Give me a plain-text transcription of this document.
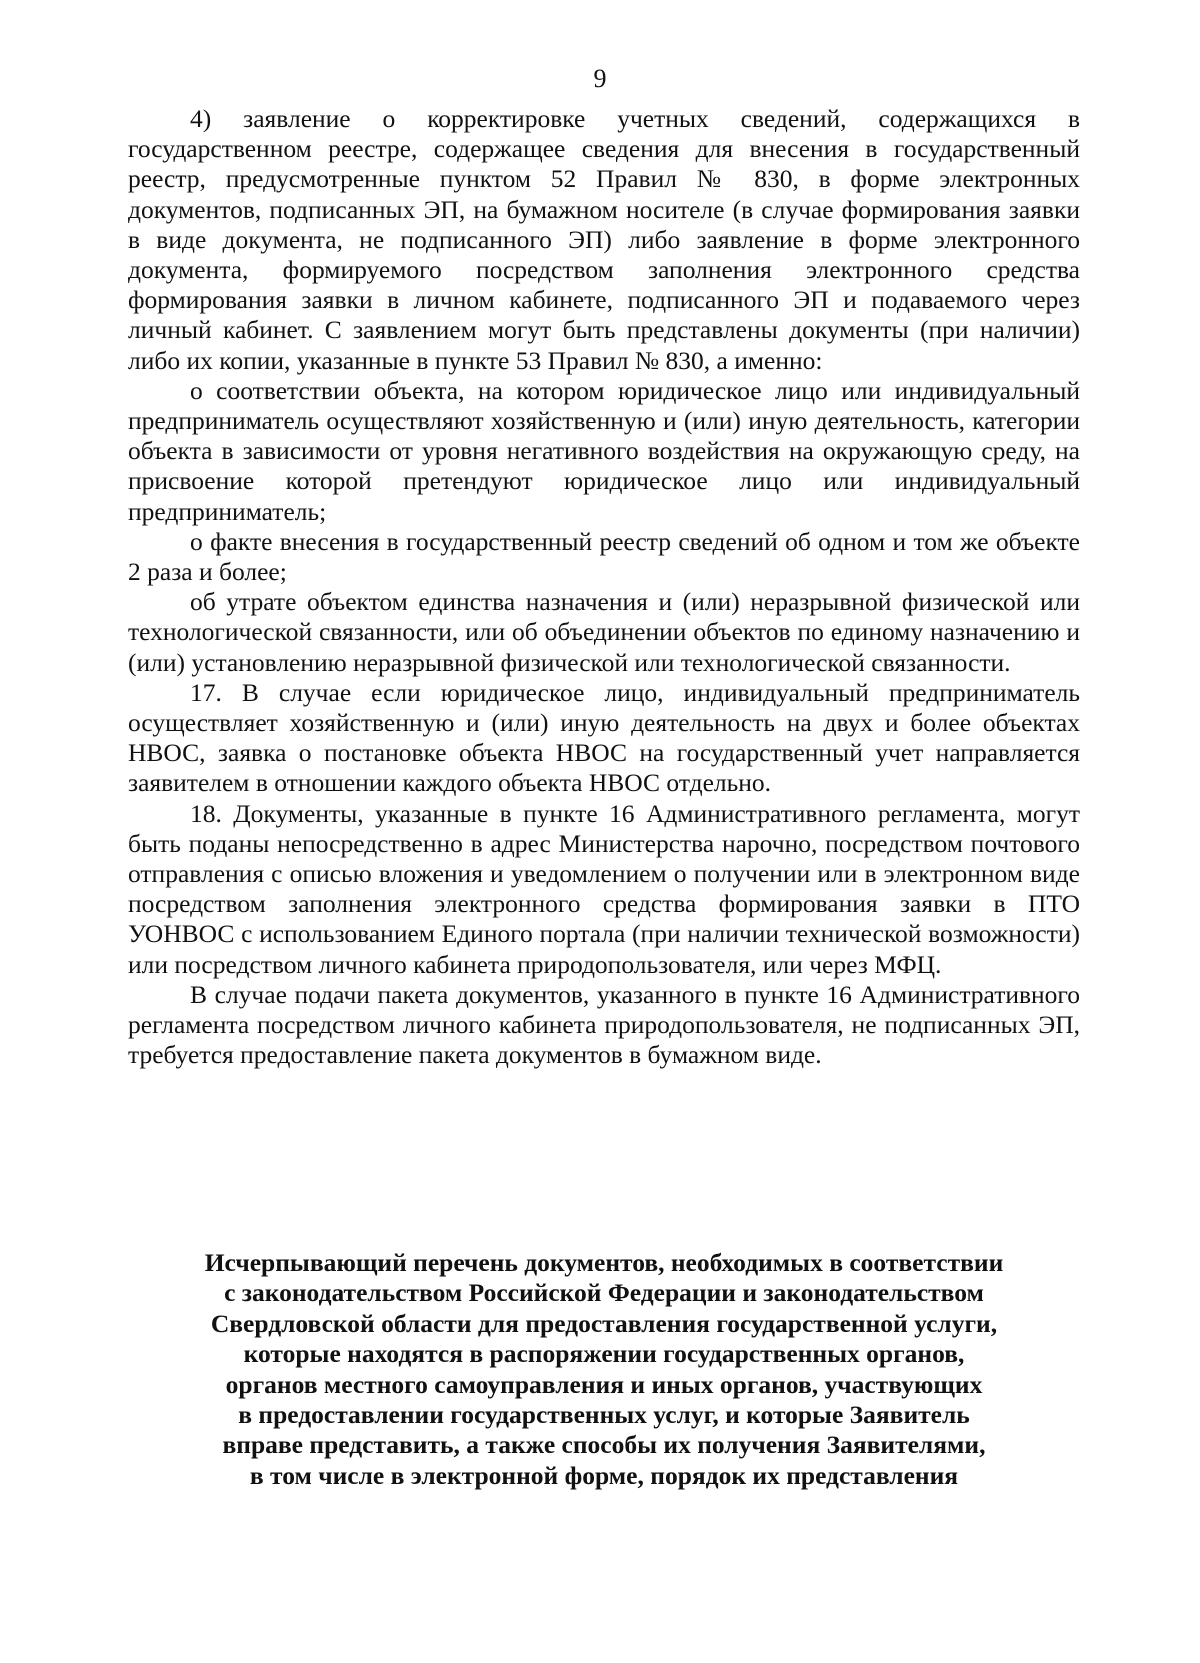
9

4) заявление о корректировке учетных сведений, содержащихся в государственном реестре, содержащее сведения для внесения в государственный реестр, предусмотренные пунктом 52 Правил № 830, в форме электронных документов, подписанных ЭП, на бумажном носителе (в случае формирования заявки в виде документа, не подписанного ЭП) либо заявление в форме электронного документа, формируемого посредством заполнения электронного средства формирования заявки в личном кабинете, подписанного ЭП и подаваемого через личный кабинет. С заявлением могут быть представлены документы (при наличии) либо их копии, указанные в пункте 53 Правил № 830, а именно:

о соответствии объекта, на котором юридическое лицо или индивидуальный предприниматель осуществляют хозяйственную и (или) иную деятельность, категории объекта в зависимости от уровня негативного воздействия на окружающую среду, на присвоение которой претендуют юридическое лицо или индивидуальный предприниматель;

о факте внесения в государственный реестр сведений об одном и том же объекте 2 раза и более;

об утрате объектом единства назначения и (или) неразрывной физической или технологической связанности, или об объединении объектов по единому назначению и (или) установлению неразрывной физической или технологической связанности.

17. В случае если юридическое лицо, индивидуальный предприниматель осуществляет хозяйственную и (или) иную деятельность на двух и более объектах НВОС, заявка о постановке объекта НВОС на государственный учет направляется заявителем в отношении каждого объекта НВОС отдельно.

18. Документы, указанные в пункте 16 Административного регламента, могут быть поданы непосредственно в адрес Министерства нарочно, посредством почтового отправления с описью вложения и уведомлением о получении или в электронном виде посредством заполнения электронного средства формирования заявки в ПТО УОНВОС с использованием Единого портала (при наличии технической возможности) или посредством личного кабинета природопользователя, или через МФЦ.

В случае подачи пакета документов, указанного в пункте 16 Административного регламента посредством личного кабинета природопользователя, не подписанных ЭП, требуется предоставление пакета документов в бумажном виде.

Исчерпывающий перечень документов, необходимых в соответствии
с законодательством Российской Федерации и законодательством
Свердловской области для предоставления государственной услуги,
которые находятся в распоряжении государственных органов,
органов местного самоуправления и иных органов, участвующих
в предоставлении государственных услуг, и которые Заявитель
вправе представить, а также способы их получения Заявителями,
в том числе в электронной форме, порядок их представления
